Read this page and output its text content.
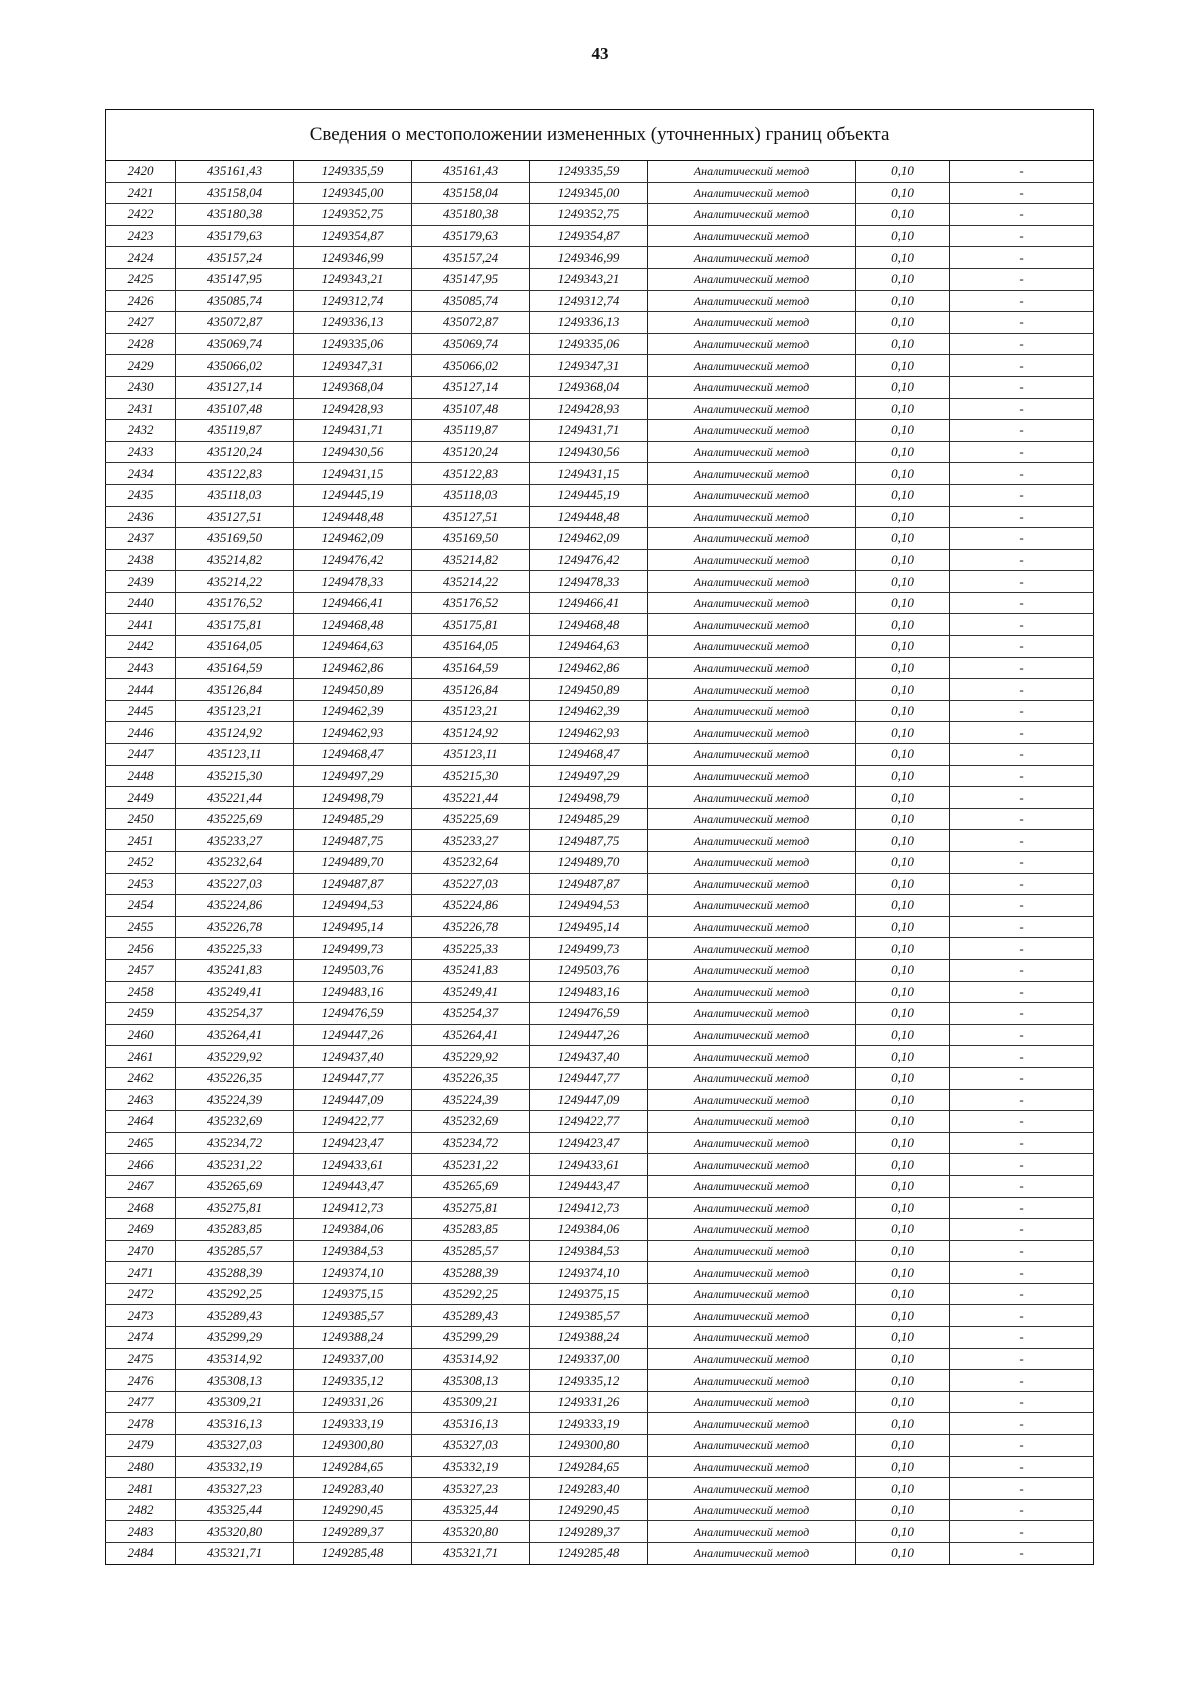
43
Сведения о местоположении измененных (уточненных) границ объекта							
2420	435161,43	1249335,59	435161,43	1249335,59	Аналитический метод	0,10	-
2421	435158,04	1249345,00	435158,04	1249345,00	Аналитический метод	0,10	-
2422	435180,38	1249352,75	435180,38	1249352,75	Аналитический метод	0,10	-
2423	435179,63	1249354,87	435179,63	1249354,87	Аналитический метод	0,10	-
2424	435157,24	1249346,99	435157,24	1249346,99	Аналитический метод	0,10	-
2425	435147,95	1249343,21	435147,95	1249343,21	Аналитический метод	0,10	-
2426	435085,74	1249312,74	435085,74	1249312,74	Аналитический метод	0,10	-
2427	435072,87	1249336,13	435072,87	1249336,13	Аналитический метод	0,10	-
2428	435069,74	1249335,06	435069,74	1249335,06	Аналитический метод	0,10	-
2429	435066,02	1249347,31	435066,02	1249347,31	Аналитический метод	0,10	-
2430	435127,14	1249368,04	435127,14	1249368,04	Аналитический метод	0,10	-
2431	435107,48	1249428,93	435107,48	1249428,93	Аналитический метод	0,10	-
2432	435119,87	1249431,71	435119,87	1249431,71	Аналитический метод	0,10	-
2433	435120,24	1249430,56	435120,24	1249430,56	Аналитический метод	0,10	-
2434	435122,83	1249431,15	435122,83	1249431,15	Аналитический метод	0,10	-
2435	435118,03	1249445,19	435118,03	1249445,19	Аналитический метод	0,10	-
2436	435127,51	1249448,48	435127,51	1249448,48	Аналитический метод	0,10	-
2437	435169,50	1249462,09	435169,50	1249462,09	Аналитический метод	0,10	-
2438	435214,82	1249476,42	435214,82	1249476,42	Аналитический метод	0,10	-
2439	435214,22	1249478,33	435214,22	1249478,33	Аналитический метод	0,10	-
2440	435176,52	1249466,41	435176,52	1249466,41	Аналитический метод	0,10	-
2441	435175,81	1249468,48	435175,81	1249468,48	Аналитический метод	0,10	-
2442	435164,05	1249464,63	435164,05	1249464,63	Аналитический метод	0,10	-
2443	435164,59	1249462,86	435164,59	1249462,86	Аналитический метод	0,10	-
2444	435126,84	1249450,89	435126,84	1249450,89	Аналитический метод	0,10	-
2445	435123,21	1249462,39	435123,21	1249462,39	Аналитический метод	0,10	-
2446	435124,92	1249462,93	435124,92	1249462,93	Аналитический метод	0,10	-
2447	435123,11	1249468,47	435123,11	1249468,47	Аналитический метод	0,10	-
2448	435215,30	1249497,29	435215,30	1249497,29	Аналитический метод	0,10	-
2449	435221,44	1249498,79	435221,44	1249498,79	Аналитический метод	0,10	-
2450	435225,69	1249485,29	435225,69	1249485,29	Аналитический метод	0,10	-
2451	435233,27	1249487,75	435233,27	1249487,75	Аналитический метод	0,10	-
2452	435232,64	1249489,70	435232,64	1249489,70	Аналитический метод	0,10	-
2453	435227,03	1249487,87	435227,03	1249487,87	Аналитический метод	0,10	-
2454	435224,86	1249494,53	435224,86	1249494,53	Аналитический метод	0,10	-
2455	435226,78	1249495,14	435226,78	1249495,14	Аналитический метод	0,10	-
2456	435225,33	1249499,73	435225,33	1249499,73	Аналитический метод	0,10	-
2457	435241,83	1249503,76	435241,83	1249503,76	Аналитический метод	0,10	-
2458	435249,41	1249483,16	435249,41	1249483,16	Аналитический метод	0,10	-
2459	435254,37	1249476,59	435254,37	1249476,59	Аналитический метод	0,10	-
2460	435264,41	1249447,26	435264,41	1249447,26	Аналитический метод	0,10	-
2461	435229,92	1249437,40	435229,92	1249437,40	Аналитический метод	0,10	-
2462	435226,35	1249447,77	435226,35	1249447,77	Аналитический метод	0,10	-
2463	435224,39	1249447,09	435224,39	1249447,09	Аналитический метод	0,10	-
2464	435232,69	1249422,77	435232,69	1249422,77	Аналитический метод	0,10	-
2465	435234,72	1249423,47	435234,72	1249423,47	Аналитический метод	0,10	-
2466	435231,22	1249433,61	435231,22	1249433,61	Аналитический метод	0,10	-
2467	435265,69	1249443,47	435265,69	1249443,47	Аналитический метод	0,10	-
2468	435275,81	1249412,73	435275,81	1249412,73	Аналитический метод	0,10	-
2469	435283,85	1249384,06	435283,85	1249384,06	Аналитический метод	0,10	-
2470	435285,57	1249384,53	435285,57	1249384,53	Аналитический метод	0,10	-
2471	435288,39	1249374,10	435288,39	1249374,10	Аналитический метод	0,10	-
2472	435292,25	1249375,15	435292,25	1249375,15	Аналитический метод	0,10	-
2473	435289,43	1249385,57	435289,43	1249385,57	Аналитический метод	0,10	-
2474	435299,29	1249388,24	435299,29	1249388,24	Аналитический метод	0,10	-
2475	435314,92	1249337,00	435314,92	1249337,00	Аналитический метод	0,10	-
2476	435308,13	1249335,12	435308,13	1249335,12	Аналитический метод	0,10	-
2477	435309,21	1249331,26	435309,21	1249331,26	Аналитический метод	0,10	-
2478	435316,13	1249333,19	435316,13	1249333,19	Аналитический метод	0,10	-
2479	435327,03	1249300,80	435327,03	1249300,80	Аналитический метод	0,10	-
2480	435332,19	1249284,65	435332,19	1249284,65	Аналитический метод	0,10	-
2481	435327,23	1249283,40	435327,23	1249283,40	Аналитический метод	0,10	-
2482	435325,44	1249290,45	435325,44	1249290,45	Аналитический метод	0,10	-
2483	435320,80	1249289,37	435320,80	1249289,37	Аналитический метод	0,10	-
2484	435321,71	1249285,48	435321,71	1249285,48	Аналитический метод	0,10	-
